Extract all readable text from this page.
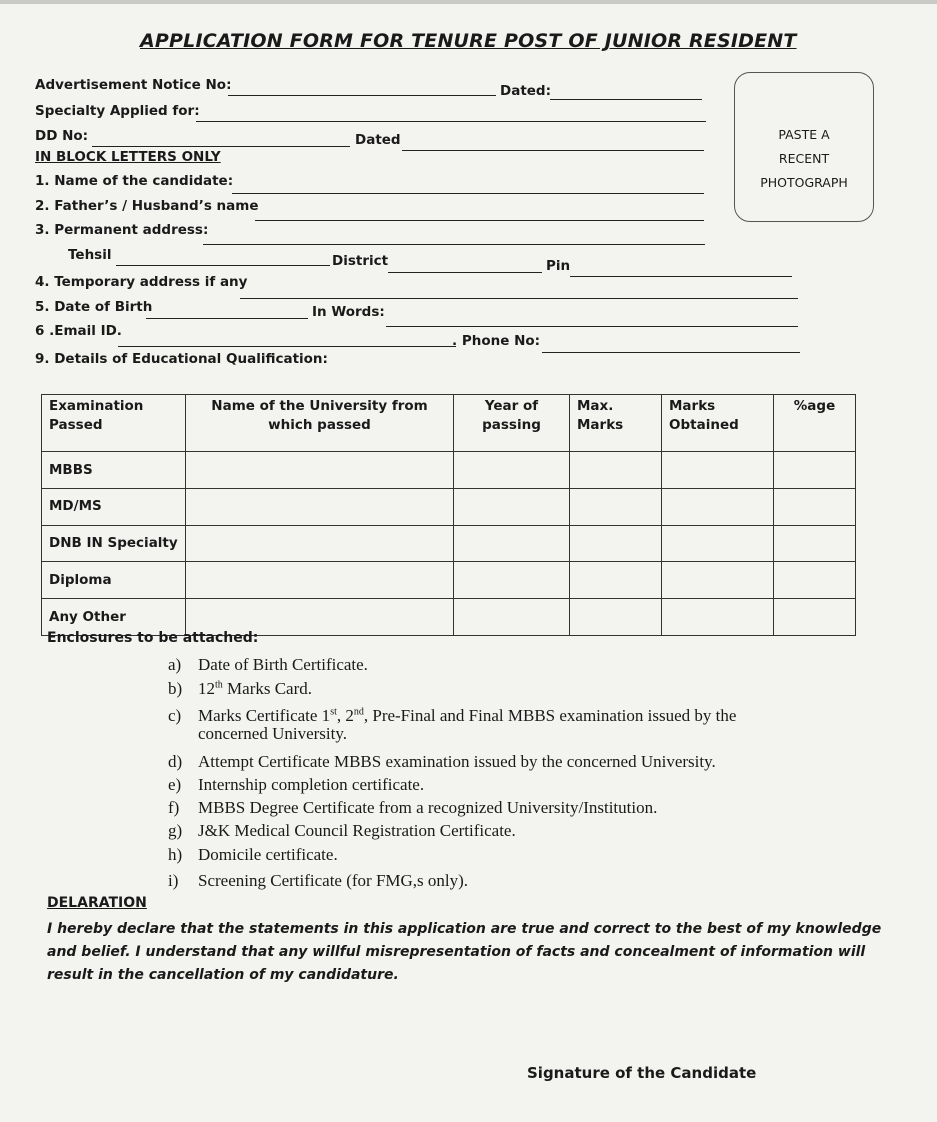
APPLICATION FORM FOR TENURE POST OF JUNIOR RESIDENT
Advertisement Notice No:	Dated:
Specialty Applied for:
DD No:	Dated
IN BLOCK LETTERS ONLY
1. Name of the candidate:
2. Father’s / Husband’s name
3. Permanent address:
Tehsil	District	Pin
4. Temporary address if any
5. Date of Birth	In Words:
6 .Email ID.
. Phone No:
9. Details of Educational Qualification:
PASTE A
RECENT
PHOTOGRAPH
Examination Passed	Name of the University from which passed	Year of passing	Max. Marks	Marks Obtained	%age
MBBS					
MD/MS					
DNB IN Specialty					
Diploma					
Any Other					
Enclosures to be attached:
a) Date of Birth Certificate.
b) 12th Marks Card.
c) Marks Certificate 1st, 2nd, Pre-Final and Final MBBS examination issued by the
concerned University.
d) Attempt Certificate MBBS examination issued by the concerned University.
e) Internship completion certificate.
f) MBBS Degree Certificate from a recognized University/Institution.
g) J&K Medical Council Registration Certificate.
h) Domicile certificate.
i) Screening Certificate (for FMG,s only).
DELARATION
I hereby declare that the statements in this application are true and correct to the best of my knowledge and belief. I understand that any willful misrepresentation of facts and concealment of information will result in the cancellation of my candidature.
Signature of the Candidate
